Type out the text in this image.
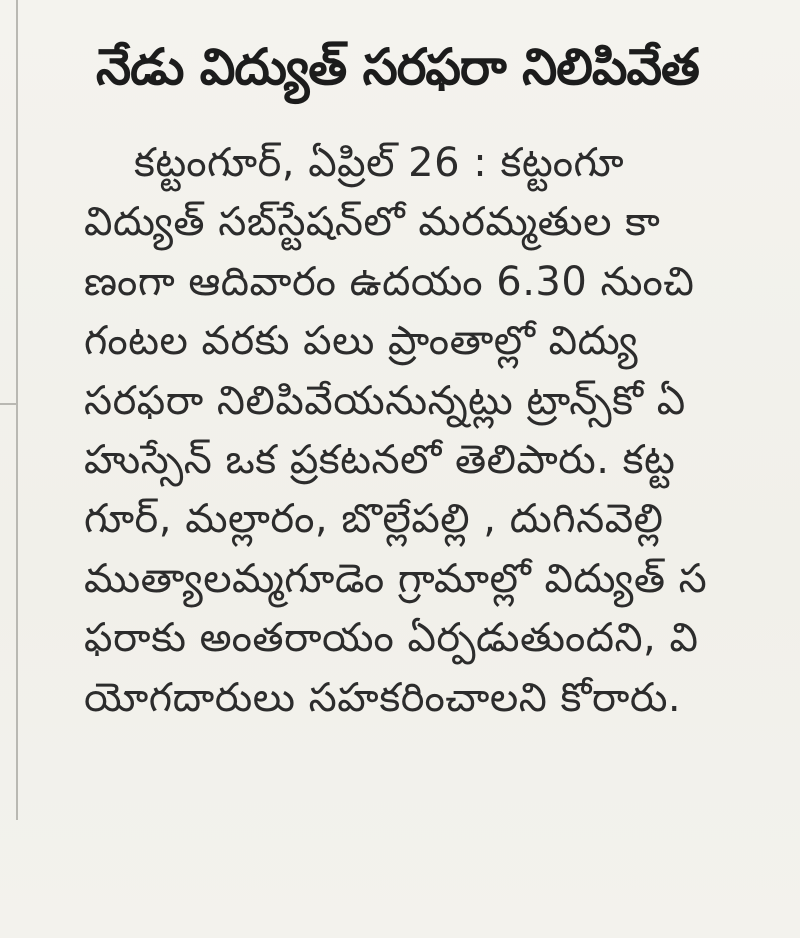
నేడు విద్యుత్ సరఫరా నిలిపివేత

కట్టంగూర్, ఏప్రిల్ 26 : కట్టంగూ

విద్యుత్ సబ్‌స్టేషన్‌లో మరమ్మతుల కా

ణంగా ఆదివారం ఉదయం 6.30 నుంచి

గంటల వరకు పలు ప్రాంతాల్లో విద్యు

సరఫరా నిలిపివేయనున్నట్లు ట్రాన్స్‌కో ఏ

హుస్సేన్ ఒక ప్రకటనలో తెలిపారు. కట్ట

గూర్, మల్లారం, బొల్లేపల్లి , దుగినవెల్లి

ముత్యాలమ్మగూడెం గ్రామాల్లో విద్యుత్ స

ఫరాకు అంతరాయం ఏర్పడుతుందని, వి

యోగదారులు సహకరించాలని కోరారు.
